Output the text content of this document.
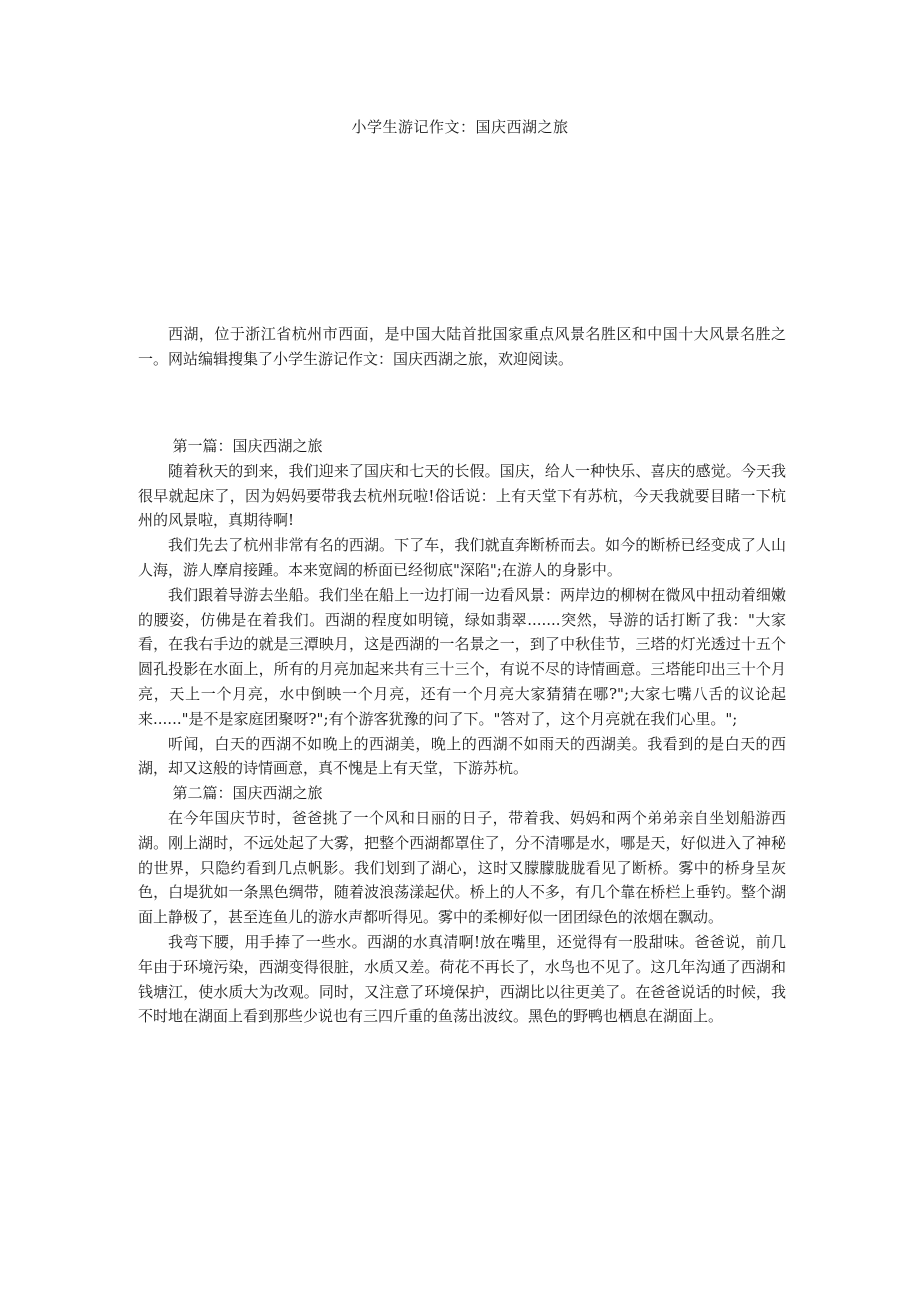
小学生游记作文：国庆西湖之旅

西湖，位于浙江省杭州市西面，是中国大陆首批国家重点风景名胜区和中国十大风景名胜之一。网站编辑搜集了小学生游记作文：国庆西湖之旅，欢迎阅读。

第一篇：国庆西湖之旅

随着秋天的到来，我们迎来了国庆和七天的长假。国庆，给人一种快乐、喜庆的感觉。今天我很早就起床了，因为妈妈要带我去杭州玩啦!俗话说：上有天堂下有苏杭，今天我就要目睹一下杭州的风景啦，真期待啊!

我们先去了杭州非常有名的西湖。下了车，我们就直奔断桥而去。如今的断桥已经变成了人山人海，游人摩肩接踵。本来宽阔的桥面已经彻底"深陷";在游人的身影中。

我们跟着导游去坐船。我们坐在船上一边打闹一边看风景：两岸边的柳树在微风中扭动着细嫩的腰姿，仿佛是在着我们。西湖的程度如明镜，绿如翡翠.......突然，导游的话打断了我："大家看，在我右手边的就是三潭映月，这是西湖的一名景之一，到了中秋佳节，三塔的灯光透过十五个圆孔投影在水面上，所有的月亮加起来共有三十三个，有说不尽的诗情画意。三塔能印出三十个月亮，天上一个月亮，水中倒映一个月亮，还有一个月亮大家猜猜在哪?";大家七嘴八舌的议论起来......"是不是家庭团聚呀?";有个游客犹豫的问了下。"答对了，这个月亮就在我们心里。";

听闻，白天的西湖不如晚上的西湖美，晚上的西湖不如雨天的西湖美。我看到的是白天的西湖，却又这般的诗情画意，真不愧是上有天堂，下游苏杭。

第二篇：国庆西湖之旅

在今年国庆节时，爸爸挑了一个风和日丽的日子，带着我、妈妈和两个弟弟亲自坐划船游西湖。刚上湖时，不远处起了大雾，把整个西湖都罩住了，分不清哪是水，哪是天，好似进入了神秘的世界，只隐约看到几点帆影。我们划到了湖心，这时又朦朦胧胧看见了断桥。雾中的桥身呈灰色，白堤犹如一条黑色绸带，随着波浪荡漾起伏。桥上的人不多，有几个靠在桥栏上垂钓。整个湖面上静极了，甚至连鱼儿的游水声都听得见。雾中的柔柳好似一团团绿色的浓烟在飘动。

我弯下腰，用手捧了一些水。西湖的水真清啊!放在嘴里，还觉得有一股甜味。爸爸说，前几年由于环境污染，西湖变得很脏，水质又差。荷花不再长了，水鸟也不见了。这几年沟通了西湖和钱塘江，使水质大为改观。同时，又注意了环境保护，西湖比以往更美了。在爸爸说话的时候，我不时地在湖面上看到那些少说也有三四斤重的鱼荡出波纹。黑色的野鸭也栖息在湖面上。
